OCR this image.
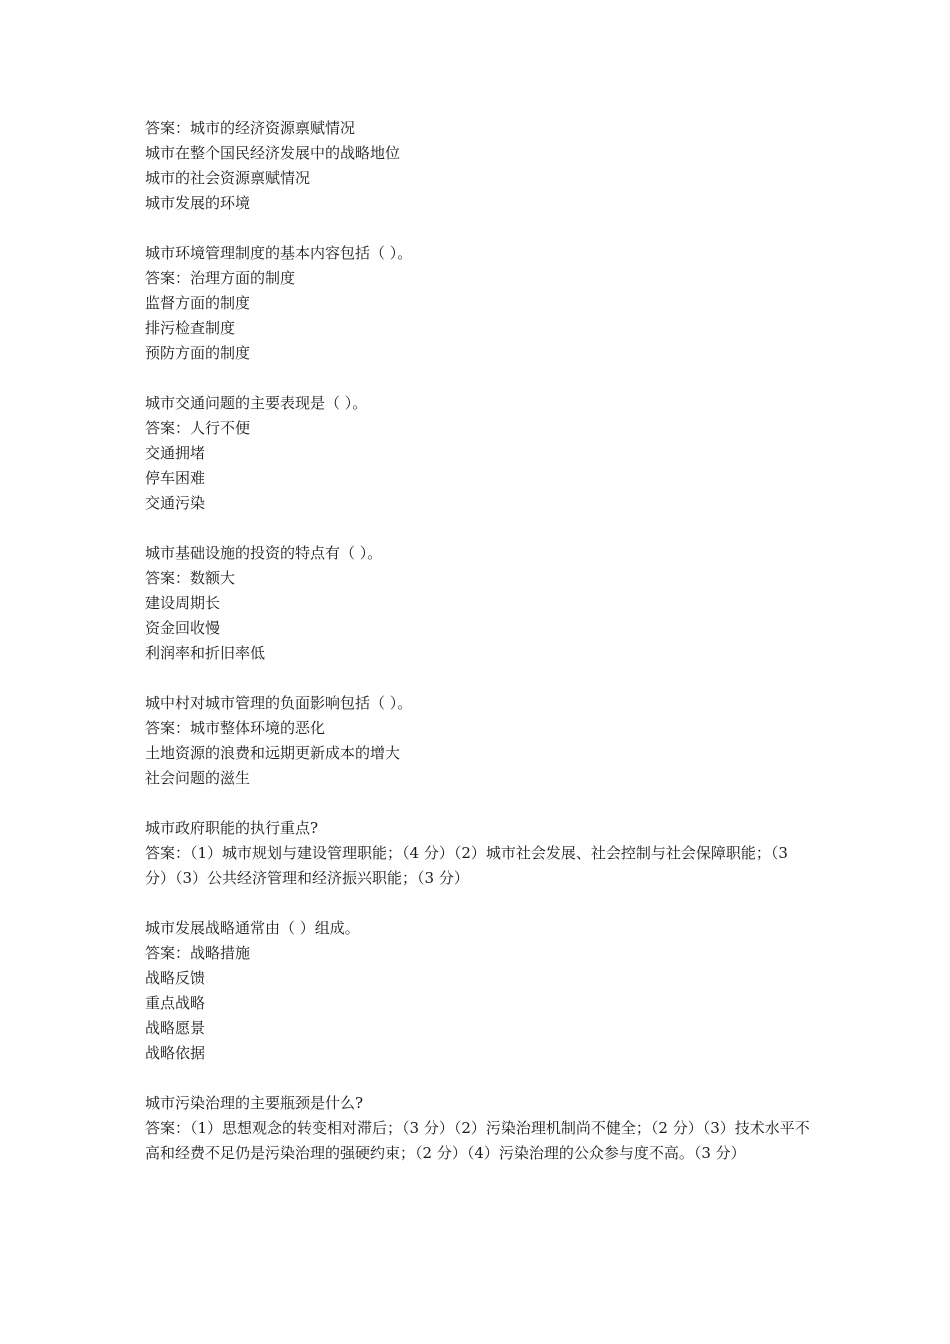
答案：城市的经济资源禀赋情况
城市在整个国民经济发展中的战略地位
城市的社会资源禀赋情况
城市发展的环境
城市环境管理制度的基本内容包括（ ）。
答案：治理方面的制度
监督方面的制度
排污检查制度
预防方面的制度
城市交通问题的主要表现是（ ）。
答案：人行不便
交通拥堵
停车困难
交通污染
城市基础设施的投资的特点有（ ）。
答案：数额大
建设周期长
资金回收慢
利润率和折旧率低
城中村对城市管理的负面影响包括（ ）。
答案：城市整体环境的恶化
土地资源的浪费和远期更新成本的增大
社会问题的滋生
城市政府职能的执行重点?
答案：（1）城市规划与建设管理职能；（4 分）（2）城市社会发展、社会控制与社会保障职能；（3 分）（3）公共经济管理和经济振兴职能；（3 分）
城市发展战略通常由（ ）组成。
答案：战略措施
战略反馈
重点战略
战略愿景
战略依据
城市污染治理的主要瓶颈是什么?
答案：（1）思想观念的转变相对滞后；（3 分）（2）污染治理机制尚不健全；（2 分）（3）技术水平不高和经费不足仍是污染治理的强硬约束；（2 分）（4）污染治理的公众参与度不高。（3 分）
